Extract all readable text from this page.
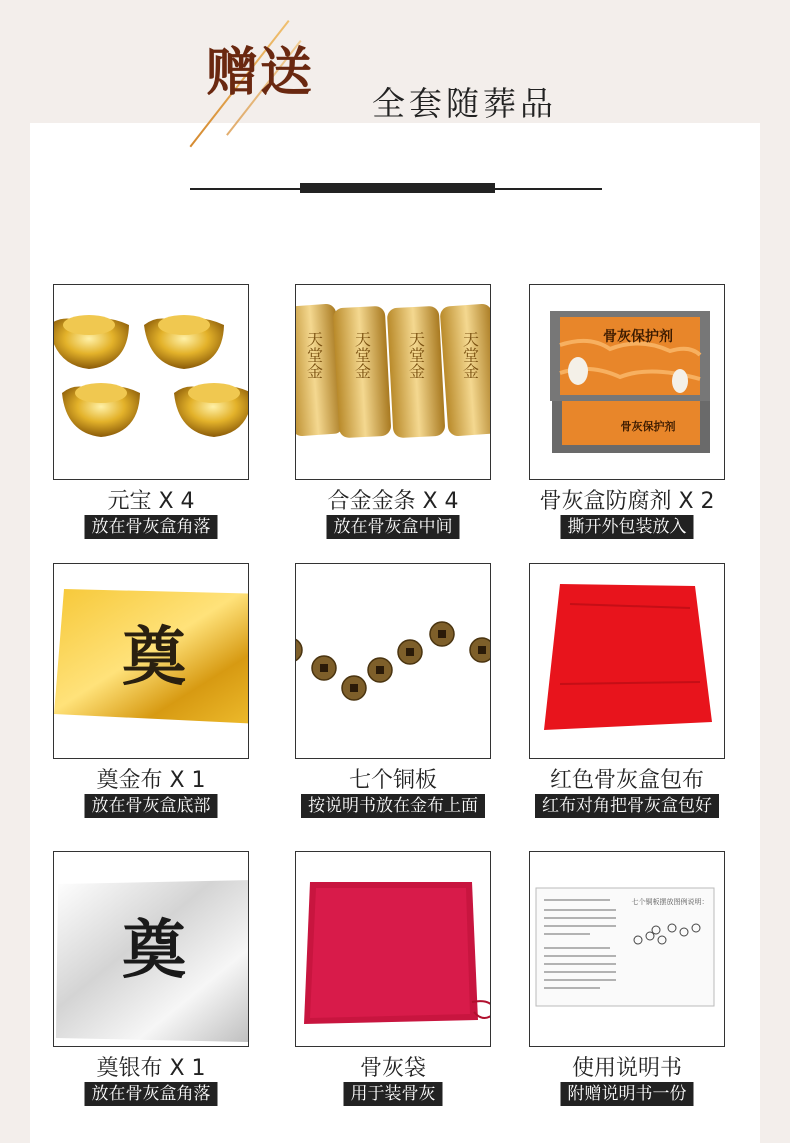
赠送
全套随葬品
元宝 X 4
放在骨灰盒角落
天堂金 天堂金 天堂金 天堂金
合金金条 X 4
放在骨灰盒中间
骨灰保护剂
骨灰保护剂
骨灰盒防腐剂 X 2
撕开外包装放入
奠
奠金布 X 1
放在骨灰盒底部
七个铜板
按说明书放在金布上面
红色骨灰盒包布
红布对角把骨灰盒包好
奠
奠银布 X 1
放在骨灰盒角落
骨灰袋
用于装骨灰
七个铜板摆放图例说明：
使用说明书
附赠说明书一份
